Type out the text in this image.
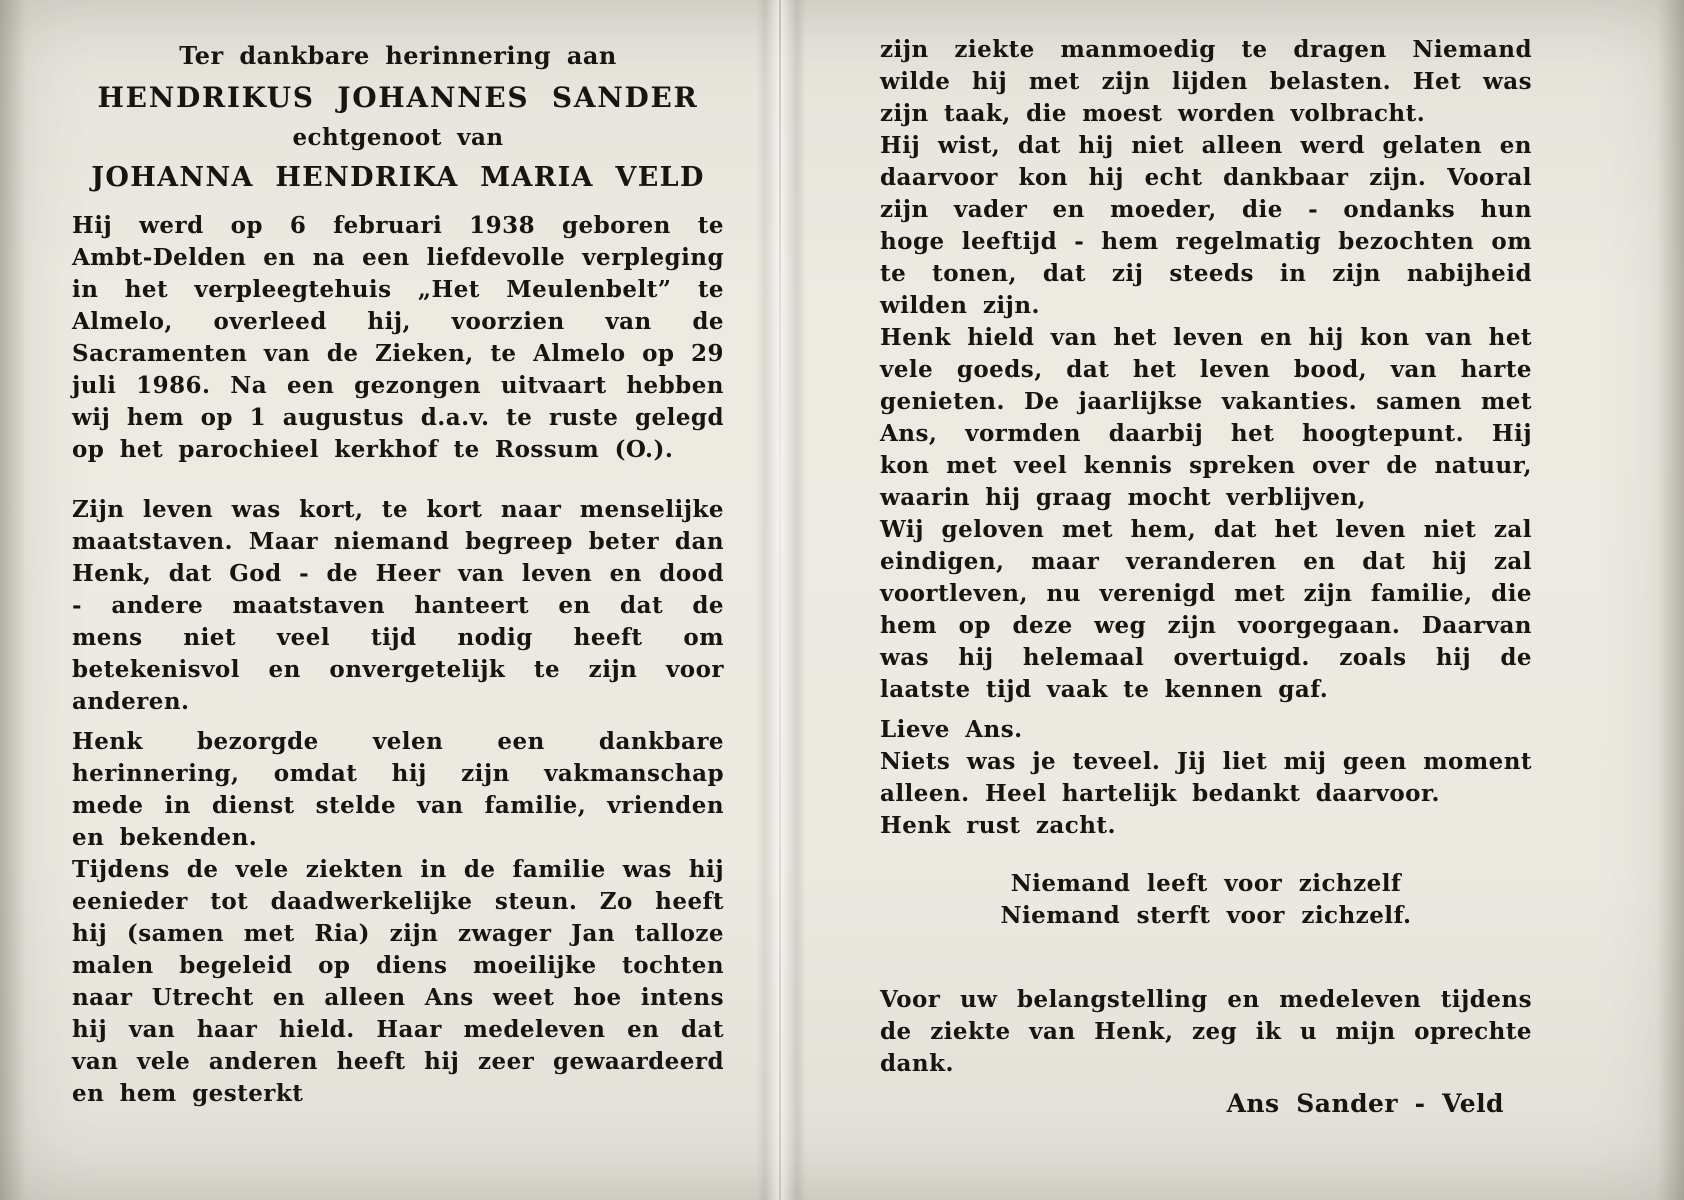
Ter dankbare herinnering aan
HENDRIKUS JOHANNES SANDER
echtgenoot van
JOHANNA HENDRIKA MARIA VELD

Hij werd op 6 februari 1938 geboren te Ambt-Delden en na een liefdevolle verpleging in het verpleegtehuis „Het Meulenbelt” te Almelo, overleed hij, voorzien van de Sacramenten van de Zieken, te Almelo op 29 juli 1986. Na een gezongen uitvaart hebben wij hem op 1 augustus d.a.v. te ruste gelegd op het parochieel kerkhof te Rossum (O.).

Zijn leven was kort, te kort naar menselijke maatstaven. Maar niemand begreep beter dan Henk, dat God - de Heer van leven en dood - andere maatstaven hanteert en dat de mens niet veel tijd nodig heeft om betekenisvol en onvergetelijk te zijn voor anderen.

Henk bezorgde velen een dankbare herinnering, omdat hij zijn vakmanschap mede in dienst stelde van familie, vrienden en bekenden.

Tijdens de vele ziekten in de familie was hij eenieder tot daadwerkelijke steun. Zo heeft hij (samen met Ria) zijn zwager Jan talloze malen begeleid op diens moeilijke tochten naar Utrecht en alleen Ans weet hoe intens hij van haar hield. Haar medeleven en dat van vele anderen heeft hij zeer gewaardeerd en hem gesterkt

zijn ziekte manmoedig te dragen Niemand wilde hij met zijn lijden belasten. Het was zijn taak, die moest worden volbracht.

Hij wist, dat hij niet alleen werd gelaten en daarvoor kon hij echt dankbaar zijn. Vooral zijn vader en moeder, die - ondanks hun hoge leeftijd - hem regelmatig bezochten om te tonen, dat zij steeds in zijn nabijheid wilden zijn.

Henk hield van het leven en hij kon van het vele goeds, dat het leven bood, van harte genieten. De jaarlijkse vakanties. samen met Ans, vormden daarbij het hoogtepunt. Hij kon met veel kennis spreken over de natuur, waarin hij graag mocht verblijven,

Wij geloven met hem, dat het leven niet zal eindigen, maar veranderen en dat hij zal voortleven, nu verenigd met zijn familie, die hem op deze weg zijn voorgegaan. Daarvan was hij helemaal overtuigd. zoals hij de laatste tijd vaak te kennen gaf.

Lieve Ans.

Niets was je teveel. Jij liet mij geen moment alleen. Heel hartelijk bedankt daarvoor.

Henk rust zacht.

Niemand leeft voor zichzelf
Niemand sterft voor zichzelf.

Voor uw belangstelling en medeleven tijdens de ziekte van Henk, zeg ik u mijn oprechte dank.

Ans Sander - Veld
